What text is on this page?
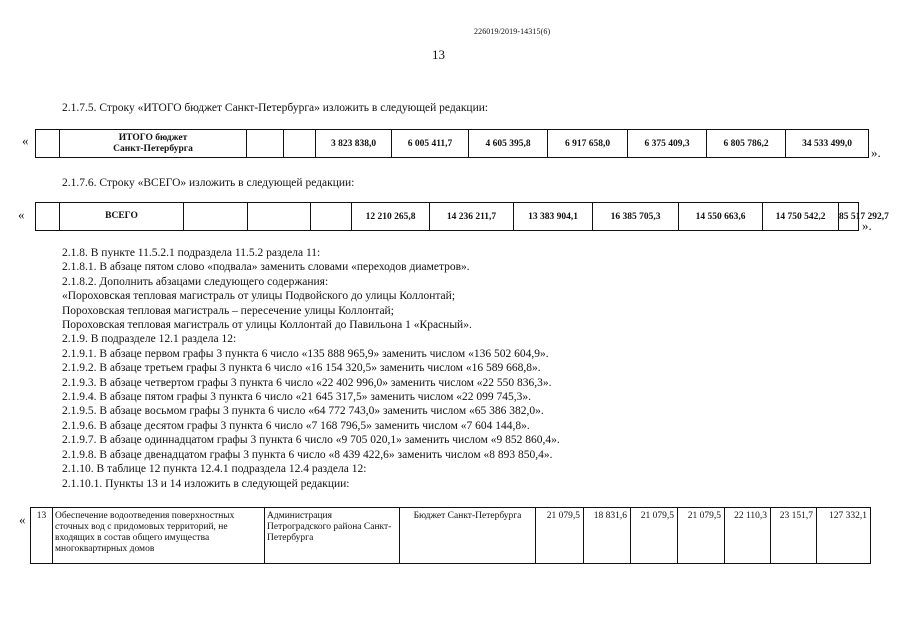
226019/2019-14315(6)
13
2.1.7.5. Строку «ИТОГО бюджет Санкт-Петербурга» изложить в следующей редакции:
«
		ИТОГО бюджет
Санкт-Петербурга			3 823 838,0	6 005 411,7	4 605 395,8	6 917 658,0	6 375 409,3	6 805 786,2	34 533 499,0
».
2.1.7.6. Строку «ВСЕГО» изложить в следующей редакции:
«
		ВСЕГО				12 210 265,8	14 236 211,7	13 383 904,1	16 385 705,3	14 550 663,6	14 750 542,2	85 517 292,7
».
2.1.8. В пункте 11.5.2.1 подраздела 11.5.2 раздела 11:
2.1.8.1. В абзаце пятом слово «подвала» заменить словами «переходов диаметров».
2.1.8.2. Дополнить абзацами следующего содержания:
«Пороховская тепловая магистраль от улицы Подвойского до улицы Коллонтай;
Пороховская тепловая магистраль – пересечение улицы Коллонтай;
Пороховская тепловая магистраль от улицы Коллонтай до Павильона 1 «Красный».
2.1.9. В подразделе 12.1 раздела 12:
2.1.9.1. В абзаце первом графы 3 пункта 6 число «135 888 965,9» заменить числом «136 502 604,9».
2.1.9.2. В абзаце третьем графы 3 пункта 6 число «16 154 320,5» заменить числом «16 589 668,8».
2.1.9.3. В абзаце четвертом графы 3 пункта 6 число «22 402 996,0» заменить числом «22 550 836,3».
2.1.9.4. В абзаце пятом графы 3 пункта 6 число «21 645 317,5» заменить числом «22 099 745,3».
2.1.9.5. В абзаце восьмом графы 3 пункта 6 число «64 772 743,0» заменить числом «65 386 382,0».
2.1.9.6. В абзаце десятом графы 3 пункта 6 число «7 168 796,5» заменить числом «7 604 144,8».
2.1.9.7. В абзаце одиннадцатом графы 3 пункта 6 число «9 705 020,1» заменить числом «9 852 860,4».
2.1.9.8. В абзаце двенадцатом графы 3 пункта 6 число «8 439 422,6» заменить числом «8 893 850,4».
2.1.10. В таблице 12 пункта 12.4.1 подраздела 12.4 раздела 12:
2.1.10.1. Пункты 13 и 14 изложить в следующей редакции:
« 13	Обеспечение водоотведения поверхностных сточных вод с придомовых территорий, не входящих в состав общего имущества многоквартирных домов	Администрация Петроградского района Санкт-Петербурга	Бюджет Санкт-Петербурга	21 079,5	18 831,6	21 079,5	21 079,5	22 110,3	23 151,7	127 332,1
